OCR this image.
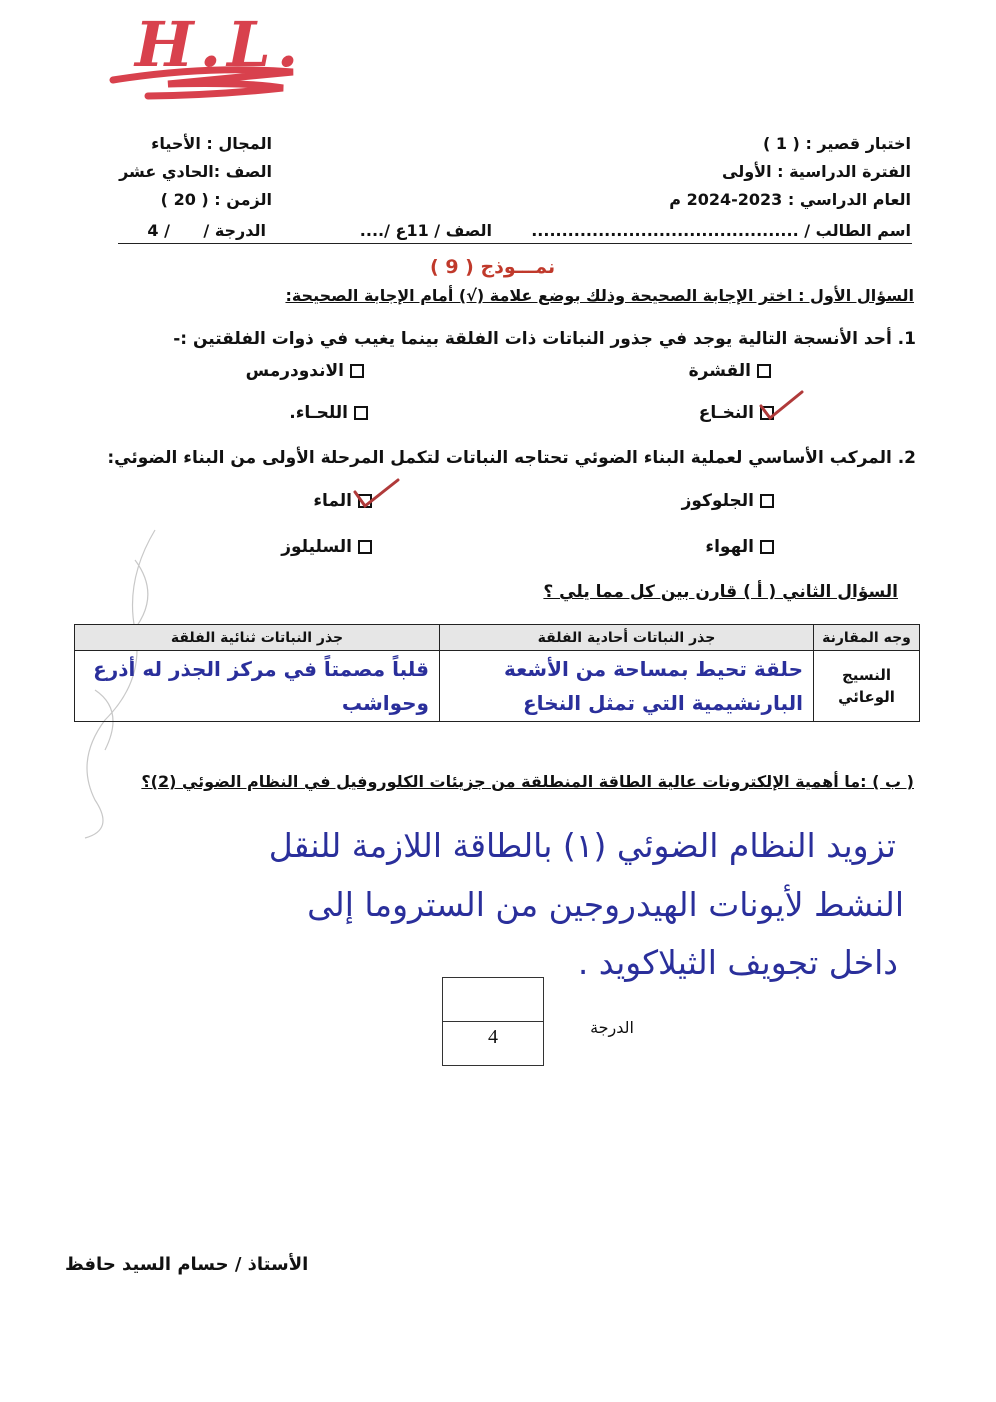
H.L.
اختبار قصير : ( 1 )
الفترة الدراسية : الأولى
العام الدراسي : 2023-2024 م
اسم الطالب / ............................................
المجال : الأحياء
الصف :الحادي عشر
الزمن : ( 20 )
الصف / 11ع /....
الدرجة /      / 4
نمـــوذج ( 9 )
السؤال الأول : اختر الإجابة الصحيحة وذلك بوضع علامة (√) أمام الإجابة الصحيحة:
1. أحد الأنسجة التالية يوجد في جذور النباتات ذات الفلقة بينما يغيب في ذوات الفلقتين :-
القشرة
الاندودرمس
النخـاع
اللحـاء.
2. المركب الأساسي لعملية البناء الضوئي تحتاجه النباتات لتكمل المرحلة الأولى من البناء الضوئي:
الجلوكوز
الماء
الهواء
السليلوز
السؤال الثاني ( أ ) قارن بين كل مما يلي ؟
وجه المقارنة	جذر النباتات أحادية الفلقة	جذر النباتات ثنائية الفلقة
النسيج الوعائي	حلقة تحيط بمساحة من الأشعة البارنشيمية التي تمثل النخاع	قلباً مصمتاً في مركز الجذر له أذرع وحواشب
( ب ) :ما أهمية الإلكترونات عالية الطاقة المنطلقة من جزيئات الكلوروفيل في النظام الضوئي (2)؟
تزويد النظام الضوئي (١) بالطاقة اللازمة للنقل
النشط لأيونات الهيدروجين من الستروما إلى
داخل تجويف الثيلاكويد .
4	الدرجة
الأستاذ / حسام السيد حافظ
